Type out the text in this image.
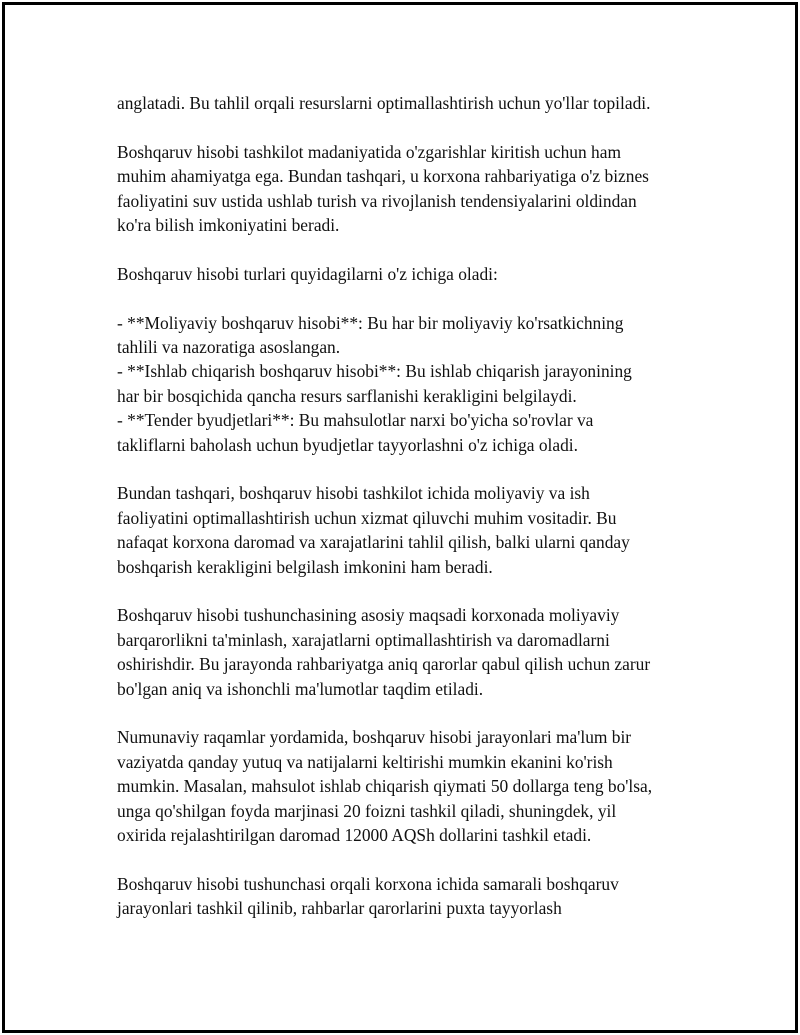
anglatadi. Bu tahlil orqali resurslarni optimallashtirish uchun yo'llar topiladi.

Boshqaruv hisobi tashkilot madaniyatida o'zgarishlar kiritish uchun ham
muhim ahamiyatga ega. Bundan tashqari, u korxona rahbariyatiga o'z biznes
faoliyatini suv ustida ushlab turish va rivojlanish tendensiyalarini oldindan
ko'ra bilish imkoniyatini beradi.

Boshqaruv hisobi turlari quyidagilarni o'z ichiga oladi:

- **Moliyaviy boshqaruv hisobi**: Bu har bir moliyaviy ko'rsatkichning
tahlili va nazoratiga asoslangan.
- **Ishlab chiqarish boshqaruv hisobi**: Bu ishlab chiqarish jarayonining
har bir bosqichida qancha resurs sarflanishi kerakligini belgilaydi.
- **Tender byudjetlari**: Bu mahsulotlar narxi bo'yicha so'rovlar va
takliflarni baholash uchun byudjetlar tayyorlashni o'z ichiga oladi.

Bundan tashqari, boshqaruv hisobi tashkilot ichida moliyaviy va ish
faoliyatini optimallashtirish uchun xizmat qiluvchi muhim vositadir. Bu
nafaqat korxona daromad va xarajatlarini tahlil qilish, balki ularni qanday
boshqarish kerakligini belgilash imkonini ham beradi.

Boshqaruv hisobi tushunchasining asosiy maqsadi korxonada moliyaviy
barqarorlikni ta'minlash, xarajatlarni optimallashtirish va daromadlarni
oshirishdir. Bu jarayonda rahbariyatga aniq qarorlar qabul qilish uchun zarur
bo'lgan aniq va ishonchli ma'lumotlar taqdim etiladi.

Numunaviy raqamlar yordamida, boshqaruv hisobi jarayonlari ma'lum bir
vaziyatda qanday yutuq va natijalarni keltirishi mumkin ekanini ko'rish
mumkin. Masalan, mahsulot ishlab chiqarish qiymati 50 dollarga teng bo'lsa,
unga qo'shilgan foyda marjinasi 20 foizni tashkil qiladi, shuningdek, yil
oxirida rejalashtirilgan daromad 12000 AQSh dollarini tashkil etadi.

Boshqaruv hisobi tushunchasi orqali korxona ichida samarali boshqaruv
jarayonlari tashkil qilinib, rahbarlar qarorlarini puxta tayyorlash
